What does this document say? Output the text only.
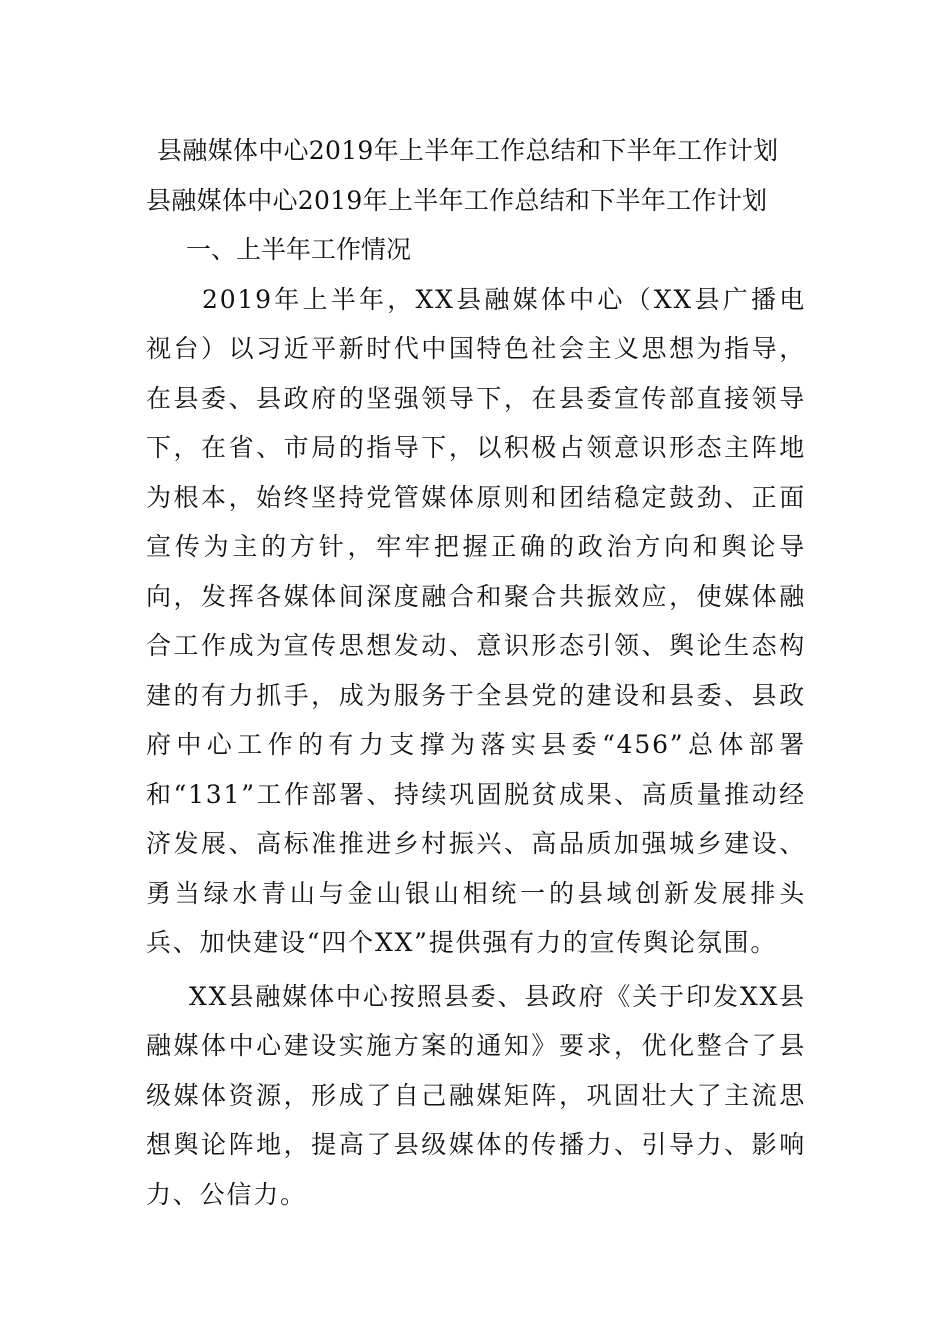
县融媒体中心2019年上半年工作总结和下半年工作计划

县融媒体中心2019年上半年工作总结和下半年工作计划

一、上半年工作情况

2019年上半年，XX县融媒体中心（XX县广播电视台）以习近平新时代中国特色社会主义思想为指导，在县委、县政府的坚强领导下，在县委宣传部直接领导下，在省、市局的指导下，以积极占领意识形态主阵地为根本，始终坚持党管媒体原则和团结稳定鼓劲、正面宣传为主的方针，牢牢把握正确的政治方向和舆论导向，发挥各媒体间深度融合和聚合共振效应，使媒体融合工作成为宣传思想发动、意识形态引领、舆论生态构建的有力抓手，成为服务于全县党的建设和县委、县政府中心工作的有力支撑为落实县委“456”总体部署和“131”工作部署、持续巩固脱贫成果、高质量推动经济发展、高标准推进乡村振兴、高品质加强城乡建设、勇当绿水青山与金山银山相统一的县域创新发展排头兵、加快建设“四个XX”提供强有力的宣传舆论氛围。

XX县融媒体中心按照县委、县政府《关于印发XX县融媒体中心建设实施方案的通知》要求，优化整合了县级媒体资源，形成了自己融媒矩阵，巩固壮大了主流思想舆论阵地，提高了县级媒体的传播力、引导力、影响力、公信力。
